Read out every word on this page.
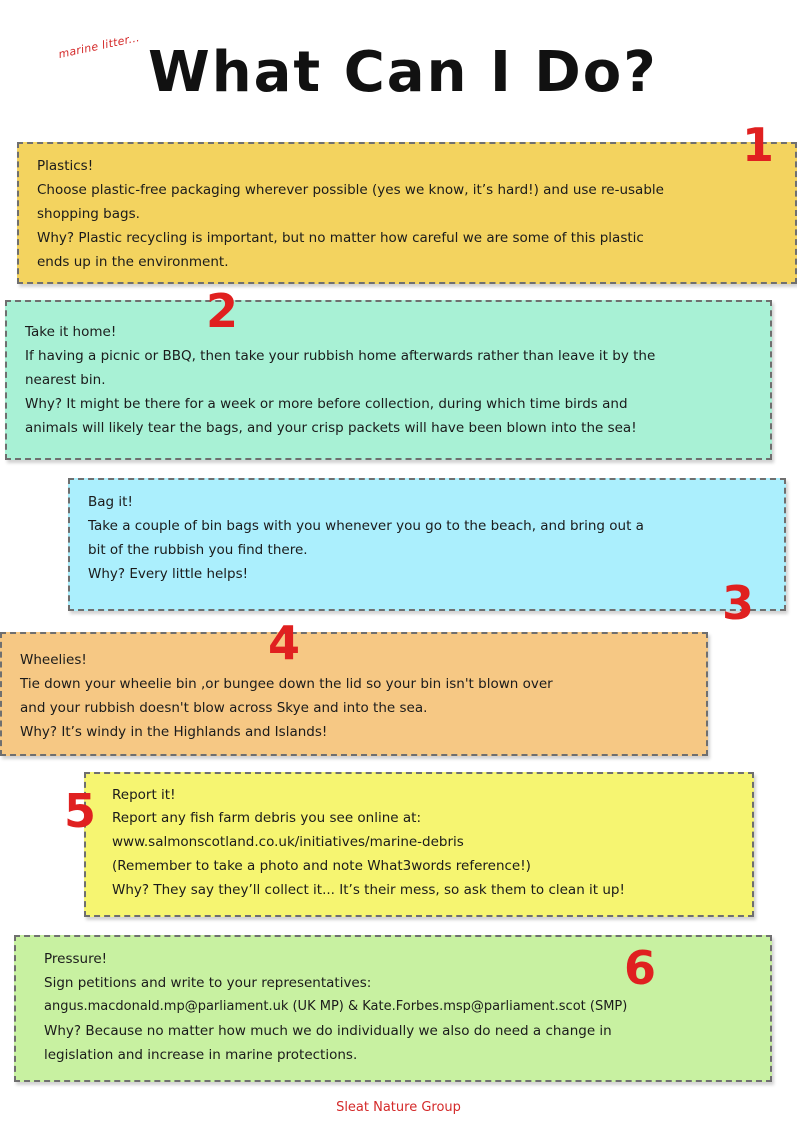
marine litter... What Can I Do?

Plastics!

Choose plastic-free packaging wherever possible (yes we know, it’s hard!) and use re-usable

shopping bags.

Why? Plastic recycling is important, but no matter how careful we are some of this plastic

ends up in the environment.

1

Take it home!

If having a picnic or BBQ, then take your rubbish home afterwards rather than leave it by the

nearest bin.

Why? It might be there for a week or more before collection, during which time birds and

animals will likely tear the bags, and your crisp packets will have been blown into the sea!

2

Bag it!

Take a couple of bin bags with you whenever you go to the beach, and bring out a

bit of the rubbish you find there.

Why? Every little helps!

3

Wheelies!

Tie down your wheelie bin ,or bungee down the lid so your bin isn't blown over

and your rubbish doesn't blow across Skye and into the sea.

Why? It’s windy in the Highlands and Islands!

4

Report it!

Report any fish farm debris you see online at:

www.salmonscotland.co.uk/initiatives/marine-debris

(Remember to take a photo and note What3words reference!)

Why? They say they’ll collect it... It’s their mess, so ask them to clean it up!

5

Pressure!

Sign petitions and write to your representatives:

angus.macdonald.mp@parliament.uk (UK MP) & Kate.Forbes.msp@parliament.scot (SMP)

Why? Because no matter how much we do individually we also do need a change in

legislation and increase in marine protections.

6
Sleat Nature Group
